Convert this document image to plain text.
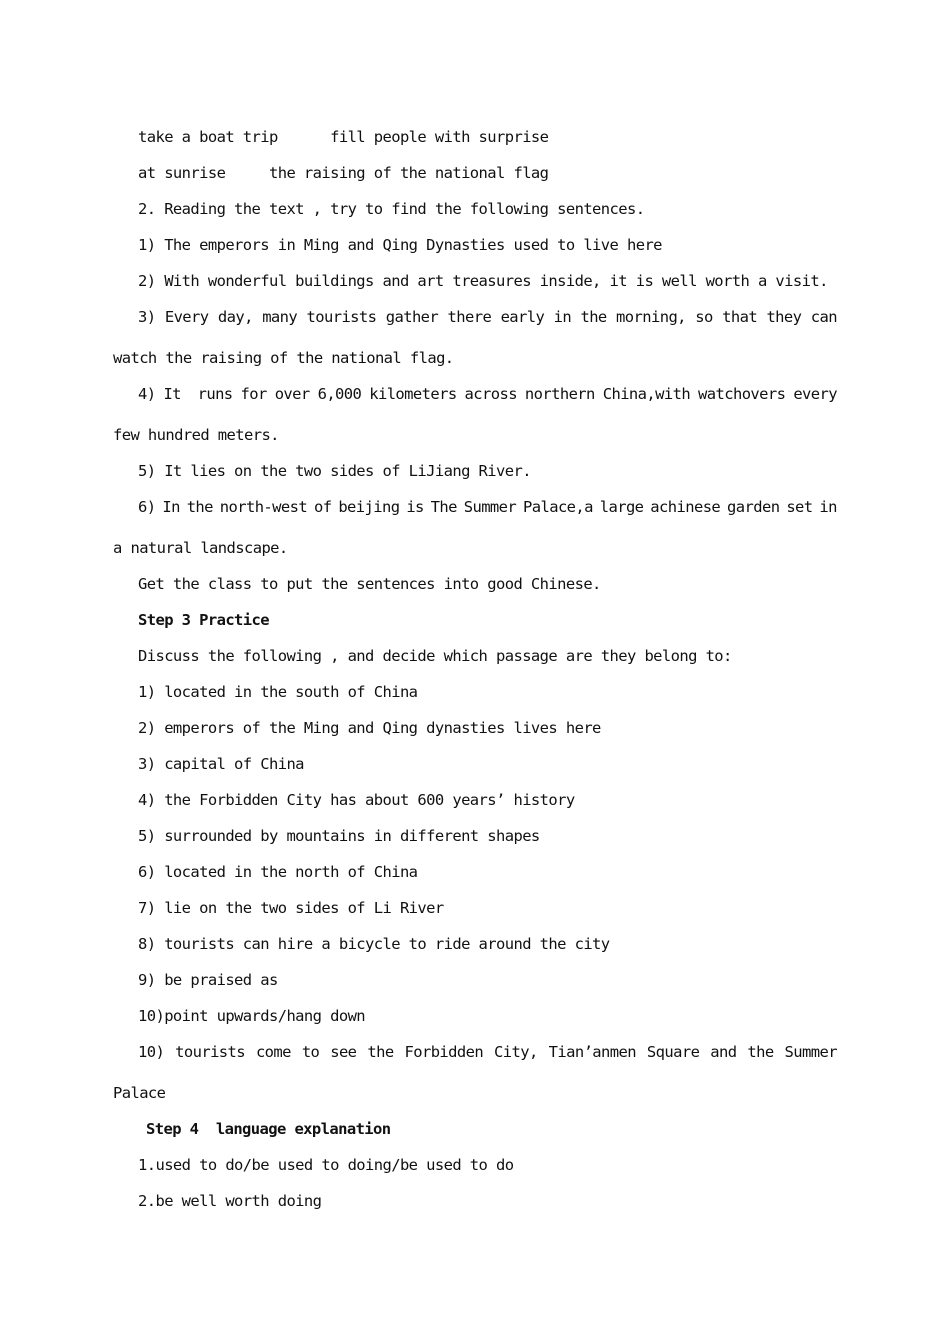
take a boat trip      fill people with surprise
at sunrise     the raising of the national flag
2. Reading the text , try to find the following sentences.
1) The emperors in Ming and Qing Dynasties used to live here
2) With wonderful buildings and art treasures inside, it is well worth a visit.
3) Every day, many tourists gather there early in the morning, so that they can
watch the raising of the national flag.
4) It runs for over 6,000 kilometers across northern China,with watchovers every
few hundred meters.
5) It lies on the two sides of LiJiang River.
6) In the north-west of beijing is The Summer Palace,a large achinese garden set in
a natural landscape.
Get the class to put the sentences into good Chinese.
Step 3 Practice
Discuss the following , and decide which passage are they belong to:
1) located in the south of China
2) emperors of the Ming and Qing dynasties lives here
3) capital of China
4) the Forbidden City has about 600 years’ history
5) surrounded by mountains in different shapes
6) located in the north of China
7) lie on the two sides of Li River
8) tourists can hire a bicycle to ride around the city
9) be praised as
10)point upwards/hang down
10) tourists come to see the Forbidden City, Tian’anmen Square and the Summer
Palace
Step 4  language explanation
1.used to do/be used to doing/be used to do
2.be well worth doing
